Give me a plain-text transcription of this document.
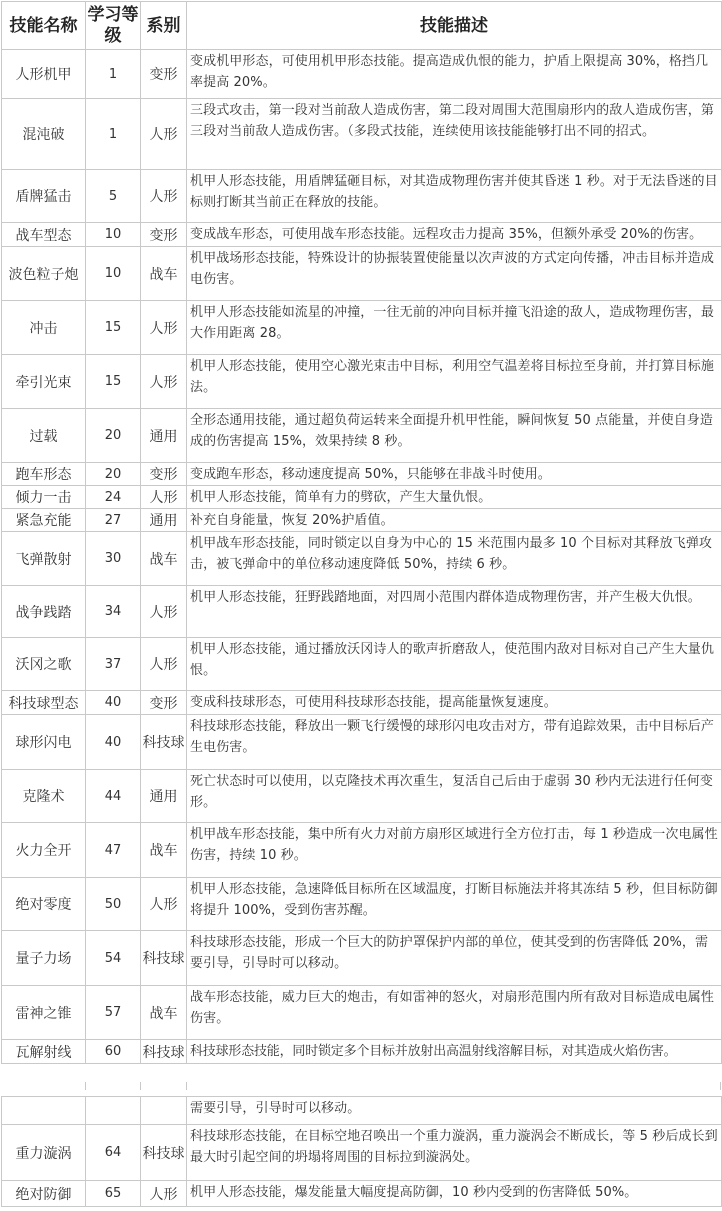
技能名称	学习等级	系别	技能描述
人形机甲	1	变形	变成机甲形态，可使用机甲形态技能。提高造成仇恨的能力，护盾上限提高 30%，格挡几率提高 20%。
混沌破	1	人形	三段式攻击，第一段对当前敌人造成伤害，第二段对周围大范围扇形内的敌人造成伤害，第三段对当前敌人造成伤害。（多段式技能，连续使用该技能能够打出不同的招式。
盾牌猛击	5	人形	机甲人形态技能，用盾牌猛砸目标，对其造成物理伤害并使其昏迷 1 秒。对于无法昏迷的目标则打断其当前正在释放的技能。
战车型态	10	变形	变成战车形态，可使用战车形态技能。远程攻击力提高 35%，但额外承受 20%的伤害。
波色粒子炮	10	战车	机甲战场形态技能，特殊设计的协振装置使能量以次声波的方式定向传播，冲击目标并造成电伤害。
冲击	15	人形	机甲人形态技能如流星的冲撞，一往无前的冲向目标并撞飞沿途的敌人，造成物理伤害，最大作用距离 28。
牵引光束	15	人形	机甲人形态技能，使用空心激光束击中目标，利用空气温差将目标拉至身前，并打算目标施法。
过载	20	通用	全形态通用技能，通过超负荷运转来全面提升机甲性能，瞬间恢复 50 点能量，并使自身造成的伤害提高 15%，效果持续 8 秒。
跑车形态	20	变形	变成跑车形态，移动速度提高 50%，只能够在非战斗时使用。
倾力一击	24	人形	机甲人形态技能，简单有力的劈砍，产生大量仇恨。
紧急充能	27	通用	补充自身能量，恢复 20%护盾值。
飞弹散射	30	战车	机甲战车形态技能，同时锁定以自身为中心的 15 米范围内最多 10 个目标对其释放飞弹攻击，被飞弹命中的单位移动速度降低 50%，持续 6 秒。
战争践踏	34	人形	机甲人形态技能，狂野践踏地面，对四周小范围内群体造成物理伤害，并产生极大仇恨。
沃冈之歌	37	人形	机甲人形态技能，通过播放沃冈诗人的歌声折磨敌人，使范围内敌对目标对自己产生大量仇恨。
科技球型态	40	变形	变成科技球形态，可使用科技球形态技能，提高能量恢复速度。
球形闪电	40	科技球	科技球形态技能，释放出一颗飞行缓慢的球形闪电攻击对方，带有追踪效果，击中目标后产生电伤害。
克隆术	44	通用	死亡状态时可以使用，以克隆技术再次重生，复活自己后由于虚弱 30 秒内无法进行任何变形。
火力全开	47	战车	机甲战车形态技能，集中所有火力对前方扇形区域进行全方位打击，每 1 秒造成一次电属性伤害，持续 10 秒。
绝对零度	50	人形	机甲人形态技能，急速降低目标所在区域温度，打断目标施法并将其冻结 5 秒，但目标防御将提升 100%，受到伤害苏醒。
量子力场	54	科技球	科技球形态技能，形成一个巨大的防护罩保护内部的单位，使其受到的伤害降低 20%，需要引导，引导时可以移动。
雷神之锥	57	战车	战车形态技能，威力巨大的炮击，有如雷神的怒火，对扇形范围内所有敌对目标造成电属性伤害。
瓦解射线	60	科技球	科技球形态技能，同时锁定多个目标并放射出高温射线溶解目标，对其造成火焰伤害。
			需要引导，引导时可以移动。
重力漩涡	64	科技球	科技球形态技能，在目标空地召唤出一个重力漩涡，重力漩涡会不断成长，等 5 秒后成长到最大时引起空间的坍塌将周围的目标拉到漩涡处。
绝对防御	65	人形	机甲人形态技能，爆发能量大幅度提高防御，10 秒内受到的伤害降低 50%。
